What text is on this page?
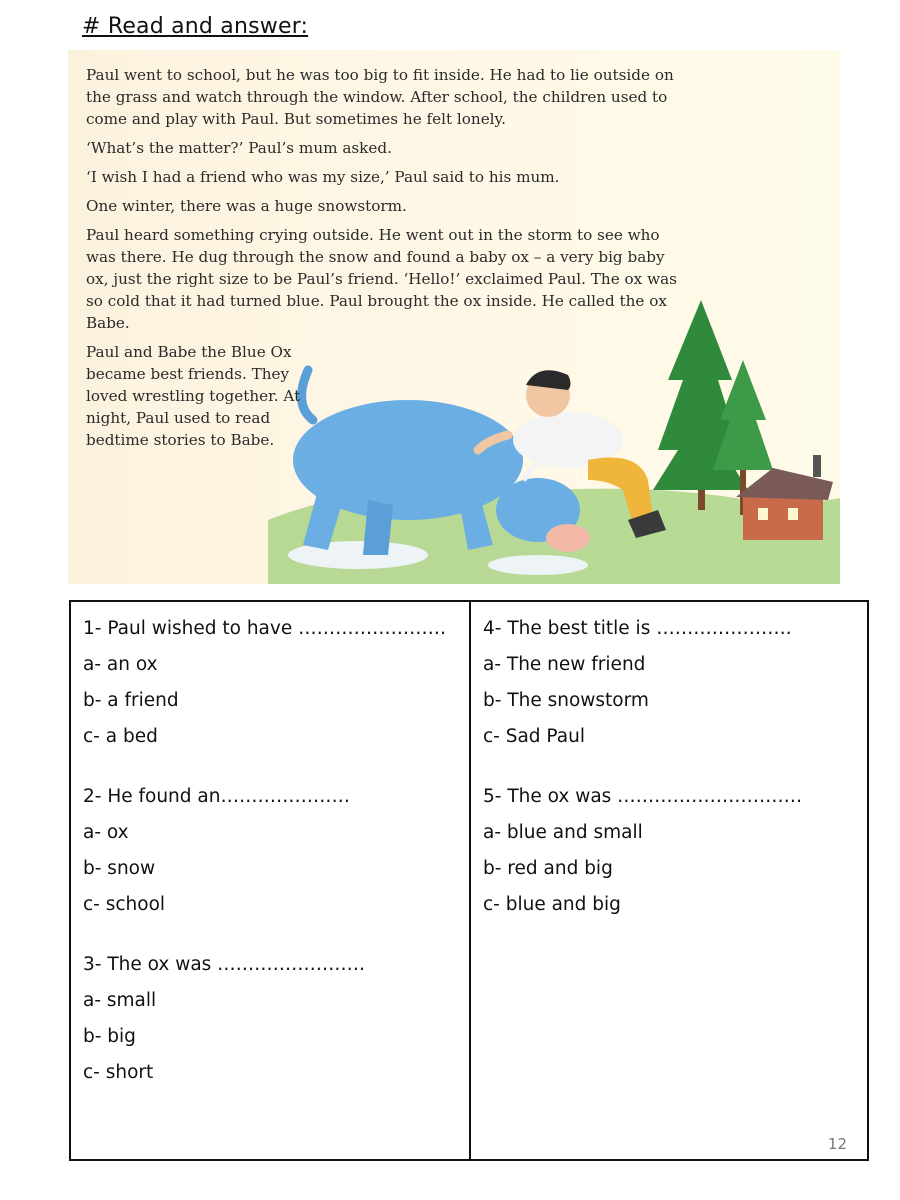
# Read and answer:

Paul went to school, but he was too big to fit inside. He had to lie outside on the grass and watch through the window. After school, the children used to come and play with Paul. But sometimes he felt lonely.

‘What’s the matter?’ Paul’s mum asked.

‘I wish I had a friend who was my size,’ Paul said to his mum.

One winter, there was a huge snowstorm.

Paul heard something crying outside. He went out in the storm to see who was there. He dug through the snow and found a baby ox – a very big baby ox, just the right size to be Paul’s friend. ‘Hello!’ exclaimed Paul. The ox was so cold that it had turned blue. Paul brought the ox inside. He called the ox Babe.

Paul and Babe the Blue Ox became best friends. They loved wrestling together. At night, Paul used to read bedtime stories to Babe.

1- Paul wished to have ……………………
a- an ox
b- a friend
c- a bed
2- He found an…………………
a- ox
b- snow
c- school
3- The ox was ……………………
a- small
b- big
c- short
4- The best title is ………………….
a- The new friend
b- The snowstorm
c- Sad Paul
5- The ox was …………………………
a- blue and small
b- red and big
c- blue and big
12
